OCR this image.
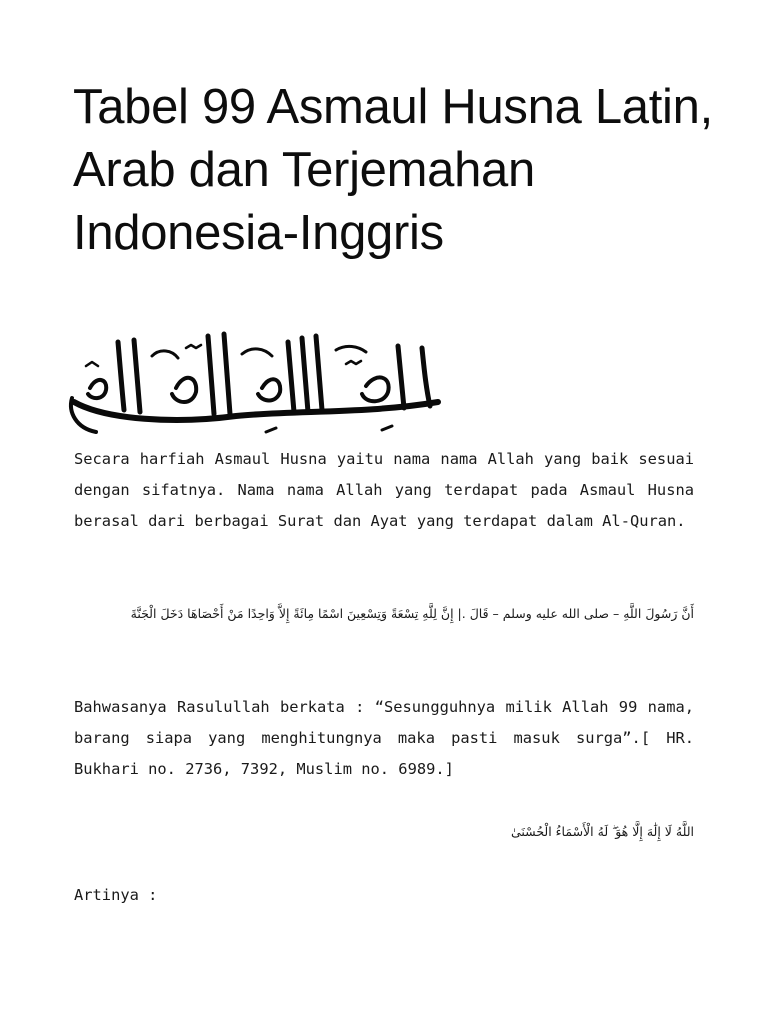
Tabel 99 Asmaul Husna Latin, Arab dan Terjemahan Indonesia-Inggris

Secara harfiah Asmaul Husna yaitu nama nama Allah yang baik sesuai dengan sifatnya. Nama nama Allah yang terdapat pada Asmaul Husna berasal dari berbagai Surat dan Ayat yang terdapat dalam Al-Quran.

أَنَّ رَسُولَ اللَّهِ – صلى الله عليه وسلم – قَالَ .| إِنَّ لِلَّهِ تِسْعَةً وَتِسْعِينَ اسْمًا مِائَةً إِلاَّ وَاحِدًا مَنْ أَحْصَاهَا دَخَلَ الْجَنَّةَ

Bahwasanya Rasulullah berkata : “Sesungguhnya milik Allah 99 nama, barang siapa yang menghitungnya maka pasti masuk surga”.[ HR. Bukhari no. 2736, 7392, Muslim no. 6989.]

اللَّهُ لَا إِلَٰهَ إِلَّا هُوَ ۖ لَهُ الْأَسْمَاءُ الْحُسْنَىٰ

Artinya :
